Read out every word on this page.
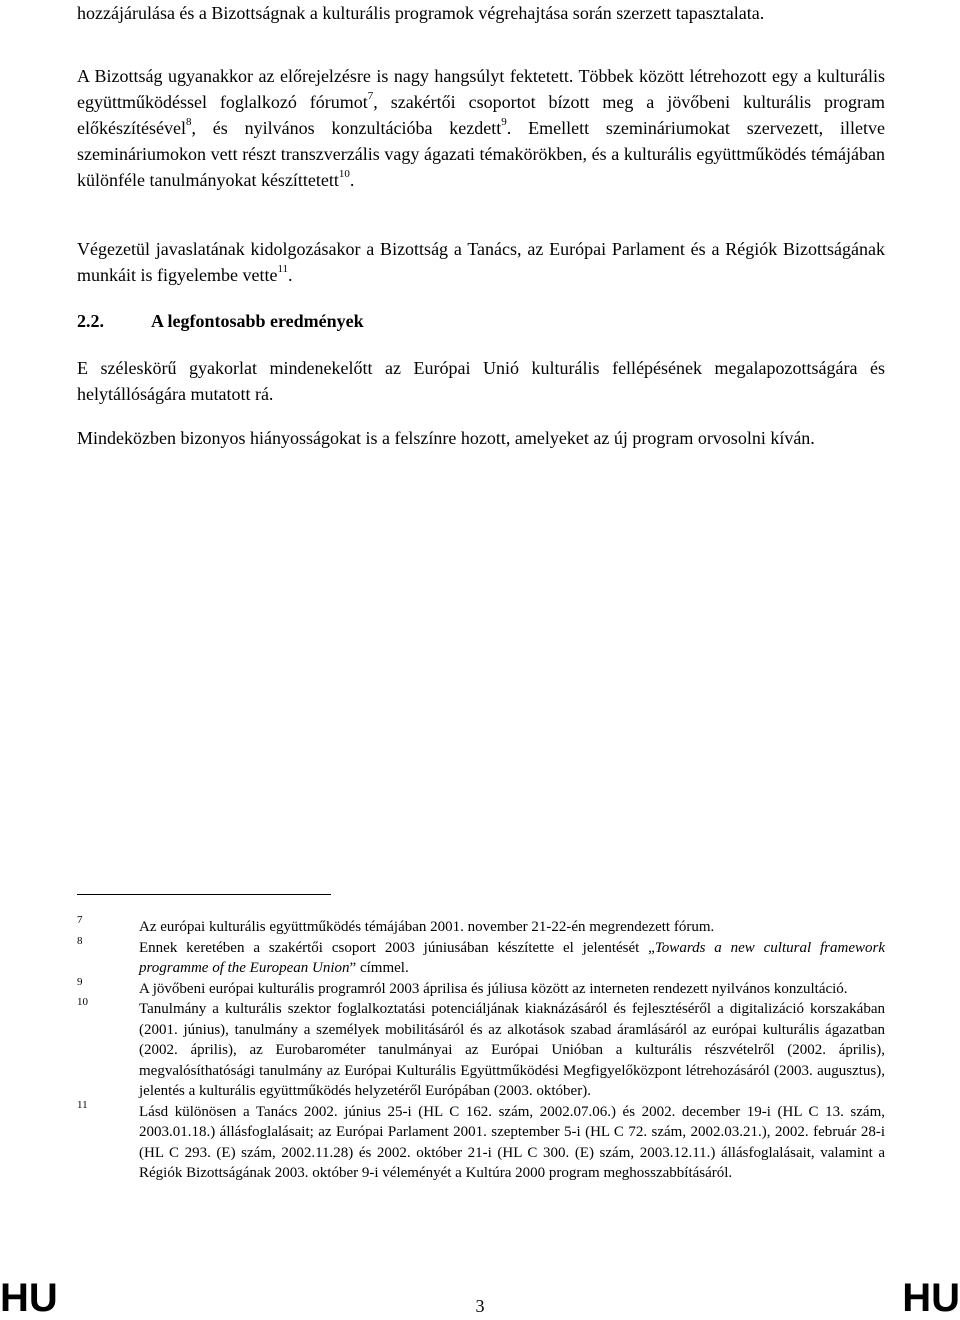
hozzájárulása és a Bizottságnak a kulturális programok végrehajtása során szerzett tapasztalata.

A Bizottság ugyanakkor az előrejelzésre is nagy hangsúlyt fektetett. Többek között létrehozott egy a kulturális együttműködéssel foglalkozó fórumot$^7$, szakértői csoportot bízott meg a jövőbeni kulturális program előkészítésével$^8$, és nyilvános konzultációba kezdett$^9$. Emellett szemináriumokat szervezett, illetve szemináriumokon vett részt transzverzális vagy ágazati témakörökben, és a kulturális együttműködés témájában különféle tanulmányokat készíttetett$^{10}$.

Végezetül javaslatának kidolgozásakor a Bizottság a Tanács, az Európai Parlament és a Régiók Bizottságának munkáit is figyelembe vette$^{11}$.

2.2.	A legfontosabb eredmények

E széleskörű gyakorlat mindenekelőtt az Európai Unió kulturális fellépésének megalapozottságára és helytállóságára mutatott rá.

Mindeközben bizonyos hiányosságokat is a felszínre hozott, amelyeket az új program orvosolni kíván.

7	Az európai kulturális együttműködés témájában 2001. november 21-22-én megrendezett fórum.

8	Ennek keretében a szakértői csoport 2003 júniusában készítette el jelentését „Towards a new cultural framework programme of the European Union” címmel.

9	A jövőbeni európai kulturális programról 2003 áprilisa és júliusa között az interneten rendezett nyilvános konzultáció.

10	Tanulmány a kulturális szektor foglalkoztatási potenciáljának kiaknázásáról és fejlesztéséről a digitalizáció korszakában (2001. június), tanulmány a személyek mobilitásáról és az alkotások szabad áramlásáról az európai kulturális ágazatban (2002. április), az Eurobarométer tanulmányai az Európai Unióban a kulturális részvételről (2002. április), megvalósíthatósági tanulmány az Európai Kulturális Együttműködési Megfigyelőközpont létrehozásáról (2003. augusztus), jelentés a kulturális együttműködés helyzetéről Európában (2003. október).

11	Lásd különösen a Tanács 2002. június 25-i (HL C 162. szám, 2002.07.06.) és 2002. december 19-i (HL C 13. szám, 2003.01.18.) állásfoglalásait; az Európai Parlament 2001. szeptember 5-i (HL C 72. szám, 2002.03.21.), 2002. február 28-i (HL C 293. (E) szám, 2002.11.28) és 2002. október 21-i (HL C 300. (E) szám, 2003.12.11.) állásfoglalásait, valamint a Régiók Bizottságának 2003. október 9-i véleményét a Kultúra 2000 program meghosszabbításáról.

HU	3	HU
